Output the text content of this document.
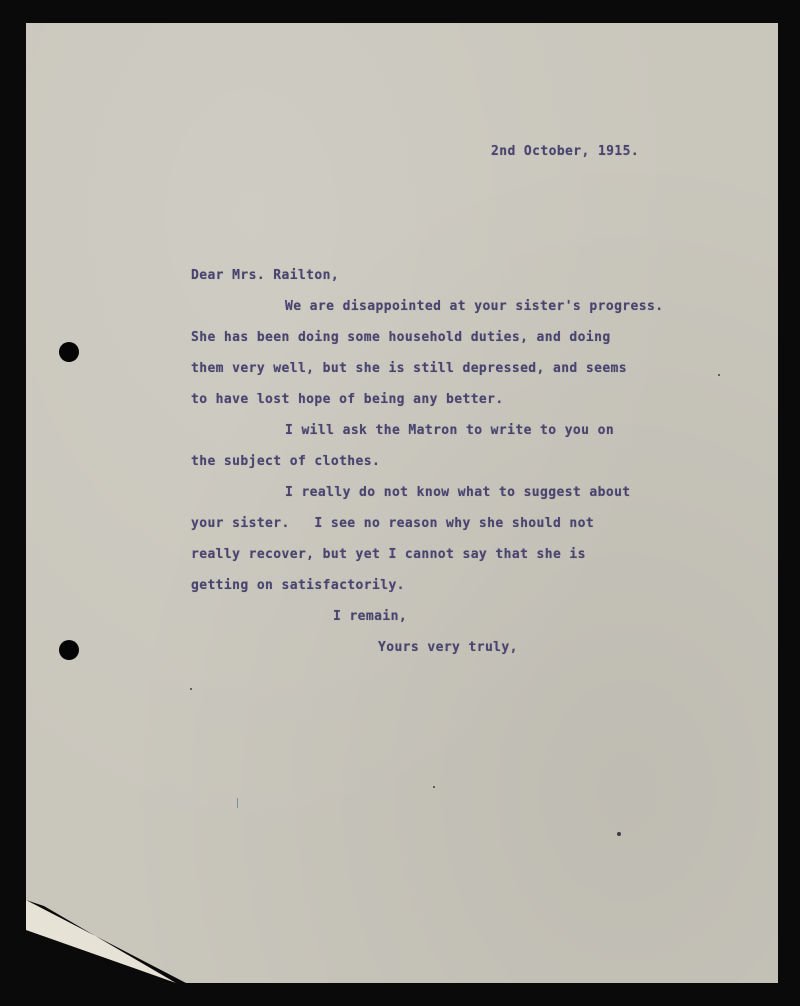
2nd October, 1915.
Dear Mrs. Railton,
We are disappointed at your sister's progress.
She has been doing some household duties, and doing
them very well, but she is still depressed, and seems
to have lost hope of being any better.
I will ask the Matron to write to you on
the subject of clothes.
I really do not know what to suggest about
your sister.   I see no reason why she should not
really recover, but yet I cannot say that she is
getting on satisfactorily.
I remain,
Yours very truly,
